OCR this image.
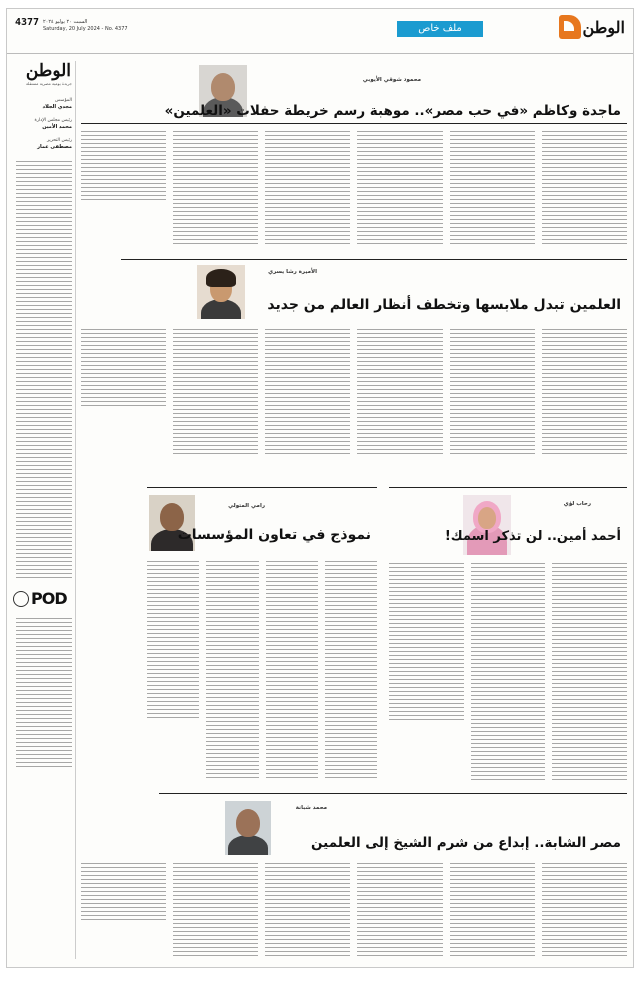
الوطن
ملف خاص
السبت ٢٠ يوليو ٢٠٢٤
Saturday, 20 July 2024 - No. 4377
4377
الوطن
جريدة يومية مصرية مستقلة
المؤسس
مجدي الجلاد
رئيس مجلس الإدارة
محمد الأمين
رئيس التحرير
مصطفى عمار
POD
محمود شوقي الأيوبي
ماجدة وكاظم «في حب مصر».. موهبة رسم خريطة حفلات «العلمين»
الأميرة رشا يسري
العلمين تبدل ملابسها وتخطف أنظار العالم من جديد
رامي المتولي
نموذج في تعاون المؤسسات
رحاب لؤي
أحمد أمين.. لن تذكر اسمك!
محمد شبانة
مصر الشابة.. إبداع من شرم الشيخ إلى العلمين
